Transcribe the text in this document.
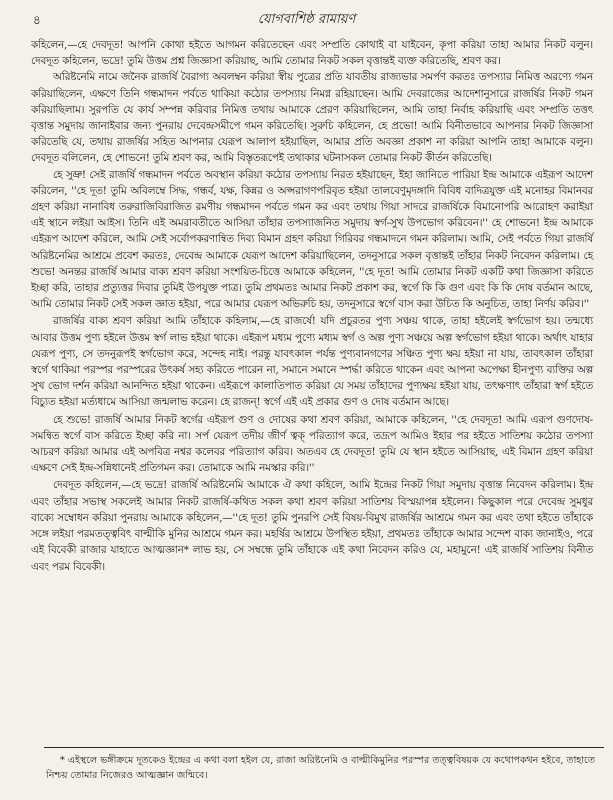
৪	যোগবাশিষ্ঠ রামায়ণ

কহিলেন,—হে দেবদূত! আপনি কোথা হইতে আগমন করিতেছেন এবং সম্প্রতি কোথাই বা যাইবেন, কৃপা করিয়া তাহা আমার নিকট বলুন। দেবদূত কহিলেন, ভদ্রে! তুমি উত্তম প্রশ্ন জিজ্ঞাসা করিয়াছ, আমি তোমার নিকট সকল বৃত্তান্তই ব্যক্ত করিতেছি, শ্রবণ কর।

অরিষ্টনেমি নামে জনৈক রাজর্ষি বৈরাগ্য অবলম্বন করিয়া স্বীয় পুত্রের প্রতি যাবতীয় রাজ্যভার সমর্পণ করতঃ তপস্যার নিমিত্ত অরণ্যে গমন করিয়াছিলেন, এক্ষণে তিনি গন্ধমাদন পর্বতে থাকিয়া কঠোর তপস্যায় নিমগ্ন রহিয়াছেন। আমি দেবরাজের আদেশানুসারে রাজর্ষির নিকট গমন করিয়াছিলাম। সুরপতি যে কার্য সম্পন্ন করিবার নিমিত্ত তথায় আমাকে প্রেরণ করিয়াছিলেন, আমি তাহা নির্বাহ করিয়াছি এবং সম্প্রতি তত্তৎ বৃত্তান্ত সমুদায় জানাইবার জন্য পুনরায় দেবেন্দ্রসমীপে গমন করিতেছি। সুরুচি কহিলেন, হে প্রভো! আমি বিনীতভাবে আপনার নিকট জিজ্ঞাসা করিতেছি যে, তথায় রাজর্ষির সহিত আপনার যেরূপ আলাপ হইয়াছিল, আমার প্রতি অবজ্ঞা প্রকাশ না করিয়া আপনি তাহা আমাকে বলুন। দেবদূত বলিলেন, হে শোভনে! তুমি শ্রবণ কর, আমি বিস্তৃতরূপেই তথাকার ঘটনাসকল তোমার নিকট কীর্তন করিতেছি।

হে সুভ্রু! সেই রাজর্ষি গন্ধমাদন পর্বতে অবস্থান করিয়া কঠোর তপস্যায় নিরত হইয়াছেন, ইহা জানিতে পারিয়া ইন্দ্র আমাকে এইরূপ আদেশ করিলেন, ''হে দূত! তুমি অবিলম্বে সিদ্ধ, গন্ধর্ব, যক্ষ, কিন্নর ও অপ্সরাগণপরিবৃত হইয়া তালবেণুমৃদঙ্গাদি বিবিধ বাদিত্রযুক্ত এই মনোহর বিমানবর গ্রহণ করিয়া নানাবিধ তরুরাজিবিরাজিত রমণীয় গন্ধমাদন পর্বতে গমন কর এবং তথায় গিয়া সাদরে রাজর্ষিকে বিমানোপরি আরোহণ করাইয়া এই স্থানে লইয়া আইস। তিনি এই অমরাবতীতে আসিয়া তাঁহার তপস্যাজনিত সমুদায় স্বর্গ-সুখ উপভোগ করিবেন।'' হে শোভনে! ইন্দ্র আমাকে এইরূপ আদেশ করিলে, আমি সেই সর্বোপকরণান্বিত দিব্য বিমান গ্রহণ করিয়া গিরিবর গন্ধমাদনে গমন করিলাম। আমি, সেই পর্বতে গিয়া রাজর্ষি অরিষ্টনেমির আশ্রমে প্রবেশ করতঃ, দেবেন্দ্র আমাকে যেরূপ আদেশ করিয়াছিলেন, তদনুসারে সকল বৃত্তান্তই তাঁহার নিকট নিবেদন করিলাম। হে শুভে! অনন্তর রাজর্ষি আমার বাক্য শ্রবণ করিয়া সংশয়িত-চিত্তে আমাকে কহিলেন, ''হে দূত! আমি তোমার নিকট একটি কথা জিজ্ঞাসা করিতে ইচ্ছা করি, তাহার প্রত্যুত্তর দিবার তুমিই উপযুক্ত পাত্র। তুমি প্রথমতঃ আমার নিকট প্রকাশ কর, স্বর্গে কি কি গুণ এবং কি কি দোষ বর্তমান আছে, আমি তোমার নিকট সেই সকল জ্ঞাত হইয়া, পরে আমার যেরূপ অভিরুচি হয়, তদনুসারে স্বর্গে বাস করা উচিত কি অনুচিত, তাহা নির্ণয় করিব।''

রাজর্ষির বাক্য শ্রবণ করিয়া আমি তাঁহাকে কহিলাম,—হে রাজর্ষে! যদি প্রচুরতর পুণ্য সঞ্চয় থাকে, তাহা হইলেই স্বর্গভোগ হয়। তন্মধ্যে আবার উত্তম পুণ্য হইলে উত্তম স্বর্গ লাভ হইয়া থাকে। এইরূপ মধ্যম পুণ্যে মধ্যম স্বর্গ ও অল্প পুণ্য সঞ্চয়ে অল্প স্বর্গভোগ হইয়া থাকে। অর্থাৎ যাহার যেরূপ পুণ্য, সে তদনুরূপই স্বর্গভোগ করে, সন্দেহ নাই। পরন্তু যাবৎকাল পর্যন্ত পুণ্যবানগণের সঞ্চিত পুণ্য ক্ষয় হইয়া না যায়, তাবৎকাল তাঁহারা স্বর্গে থাকিয়া পরস্পর পরস্পরের উৎকর্ষ সহ্য করিতে পারেন না, সমানে সমানে স্পর্দ্ধা করিতে থাকেন এবং আপনা অপেক্ষা হীনপুণ্য ব্যক্তির অল্প সুখ ভোগ দর্শন করিয়া আনন্দিত হইয়া থাকেন। এইরূপে কালাতিপাত করিয়া যে সময় তাঁহাদের পুণ্যক্ষয় হইয়া যায়, তৎক্ষণাৎ তাঁহারা স্বর্গ হইতে বিচ্যুত হইয়া মর্ত্যধামে আসিয়া জন্মলাভ করেন। হে রাজন্! স্বর্গে এই এই প্রকার গুণ ও দোষ বর্তমান আছে।

হে শুভে! রাজর্ষি আমার নিকট স্বর্গের এইরূপ গুণ ও দোষের কথা শ্রবণ করিয়া, আমাকে কহিলেন, ''হে দেবদূত! আমি এরূপ গুণদোষ-সমন্বিত স্বর্গে বাস করিতে ইচ্ছা করি না। সর্প যেরূপ তদীয় জীর্ণ ত্বক্ পরিত্যাগ করে, তদ্রূপ আমিও ইহার পর হইতে সাতিশয় কঠোর তপস্যা আচরণ করিয়া আমার এই অপবিত্র নশ্বর কলেবর পরিত্যাগ করিব। অতএব হে দেবদূত! তুমি যে স্থান হইতে আসিয়াছ, এই বিমান গ্রহণ করিয়া এক্ষণে সেই ইন্দ্র-সন্নিধানেই প্রতিগমন কর। তোমাকে আমি নমস্কার করি।''

দেবদূত কহিলেন,—হে ভদ্রে! রাজর্ষি অরিষ্টনেমি আমাকে ঐ কথা কহিলে, আমি ইন্দ্রের নিকট গিয়া সমুদায় বৃত্তান্ত নিবেদন করিলাম। ইন্দ্র এবং তাঁহার সভাস্থ সকলেই আমার নিকট রাজর্ষি-কথিত সকল কথা শ্রবণ করিয়া সাতিশয় বিস্ময়াপন্ন হইলেন। কিছুকাল পরে দেবেন্দ্র সুমধুর বাক্যে সম্বোধন করিয়া পুনরায় আমাকে কহিলেন,—''হে দূত! তুমি পুনরপি সেই বিষয়-বিমুখ রাজর্ষির আশ্রমে গমন কর এবং তথা হইতে তাঁহাকে সঙ্গে লইয়া পরমতত্ত্ববিৎ বাল্মীকি মুনির আশ্রমে গমন কর। মহর্ষির আশ্রমে উপস্থিত হইয়া, প্রথমতঃ তাঁহাকে আমার সন্দেশ বাক্য জানাইও, পরে এই বিবেকী রাজার যাহাতে আত্মজ্ঞান* লাভ হয়, সে সম্বন্ধে তুমি তাঁহাকে এই কথা নিবেদন করিও যে, মহামুনে! এই রাজর্ষি সাতিশয় বিনীত এবং পরম বিবেকী।

* এইস্থলে ভঙ্গীক্রমে দূতকেও ইন্দ্রের এ কথা বলা হইল যে, রাজা অরিষ্টনেমি ও বাল্মীকিমুনির পরস্পর তত্ত্ববিষয়ক যে কথোপকথন হইবে, তাহাতে নিশ্চয় তোমার নিজেরও আত্মজ্ঞান জন্মিবে।
